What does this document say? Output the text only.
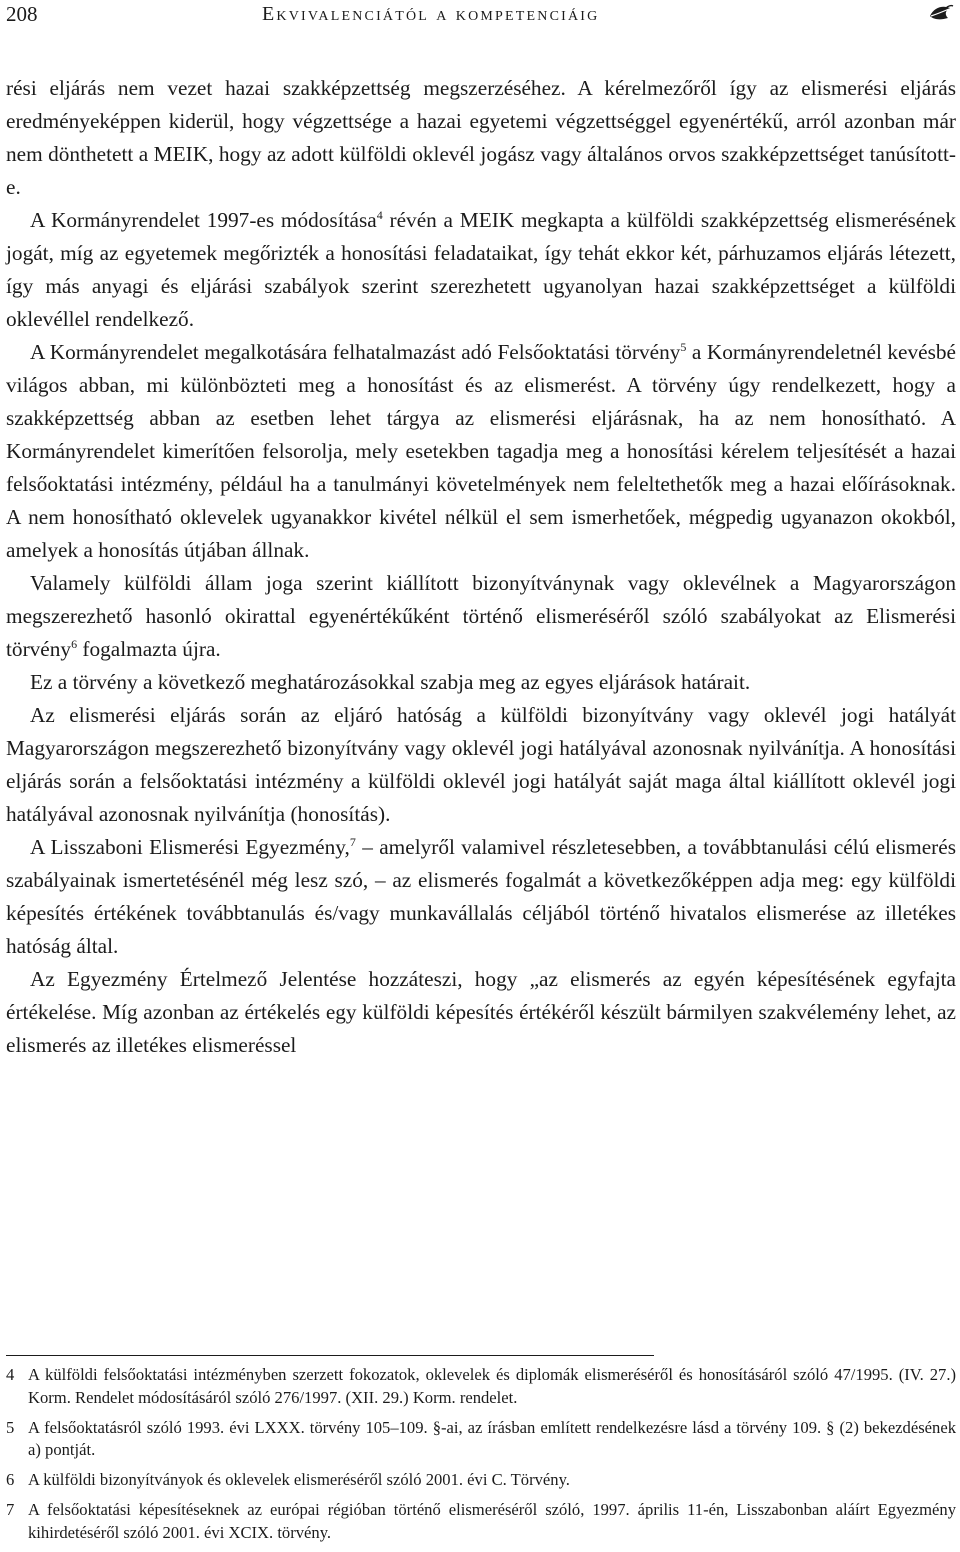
208	Ekvivalenciától a kompetenciáig

rési eljárás nem vezet hazai szakképzettség megszerzéséhez. A kérelmezőről így az elismerési eljárás eredményeképpen kiderül, hogy végzettsége a hazai egyetemi végzettséggel egyenértékű, arról azonban már nem dönthetett a MEIK, hogy az adott külföldi oklevél jogász vagy általános orvos szakképzettséget tanúsított-e.

A Kormányrendelet 1997-es módosítása$^4$ révén a MEIK megkapta a külföldi szakképzettség elismerésének jogát, míg az egyetemek megőrizték a honosítási feladataikat, így tehát ekkor két, párhuzamos eljárás létezett, így más anyagi és eljárási szabályok szerint szerezhetett ugyanolyan hazai szakképzettséget a külföldi oklevéllel rendelkező.

A Kormányrendelet megalkotására felhatalmazást adó Felsőoktatási törvény$^5$ a Kormányrendeletnél kevésbé világos abban, mi különbözteti meg a honosítást és az elismerést. A törvény úgy rendelkezett, hogy a szakképzettség abban az esetben lehet tárgya az elismerési eljárásnak, ha az nem honosítható. A Kormányrendelet kimerítően felsorolja, mely esetekben tagadja meg a honosítási kérelem teljesítését a hazai felsőoktatási intézmény, például ha a tanulmányi követelmények nem feleltethetők meg a hazai előírásoknak. A nem honosítható oklevelek ugyanakkor kivétel nélkül el sem ismerhetőek, mégpedig ugyanazon okokból, amelyek a honosítás útjában állnak.

Valamely külföldi állam joga szerint kiállított bizonyítványnak vagy oklevélnek a Magyarországon megszerezhető hasonló okirattal egyenértékűként történő elismeréséről szóló szabályokat az Elismerési törvény$^6$ fogalmazta újra.

Ez a törvény a következő meghatározásokkal szabja meg az egyes eljárások határait.

Az elismerési eljárás során az eljáró hatóság a külföldi bizonyítvány vagy oklevél jogi hatályát Magyarországon megszerezhető bizonyítvány vagy oklevél jogi hatályával azonosnak nyilvánítja. A honosítási eljárás során a felsőoktatási intézmény a külföldi oklevél jogi hatályát saját maga által kiállított oklevél jogi hatályával azonosnak nyilvánítja (honosítás).

A Lisszaboni Elismerési Egyezmény,$^7$ – amelyről valamivel részletesebben, a továbbtanulási célú elismerés szabályainak ismertetésénél még lesz szó, – az elismerés fogalmát a következőképpen adja meg: egy külföldi képesítés értékének továbbtanulás és/vagy munkavállalás céljából történő hivatalos elismerése az illetékes hatóság által.

Az Egyezmény Értelmező Jelentése hozzáteszi, hogy „az elismerés az egyén képesítésének egyfajta értékelése. Míg azonban az értékelés egy külföldi képesítés értékéről készült bármilyen szakvélemény lehet, az elismerés az illetékes elismeréssel

4 A külföldi felsőoktatási intézményben szerzett fokozatok, oklevelek és diplomák elismeréséről és honosításáról szóló 47/1995. (IV. 27.) Korm. Rendelet módosításáról szóló 276/1997. (XII. 29.) Korm. rendelet.

5 A felsőoktatásról szóló 1993. évi LXXX. törvény 105–109. §-ai, az írásban említett rendelkezésre lásd a törvény 109. § (2) bekezdésének a) pontját.

6 A külföldi bizonyítványok és oklevelek elismeréséről szóló 2001. évi C. Törvény.

7 A felsőoktatási képesítéseknek az európai régióban történő elismeréséről szóló, 1997. április 11-én, Lisszabonban aláírt Egyezmény kihirdetéséről szóló 2001. évi XCIX. törvény.
